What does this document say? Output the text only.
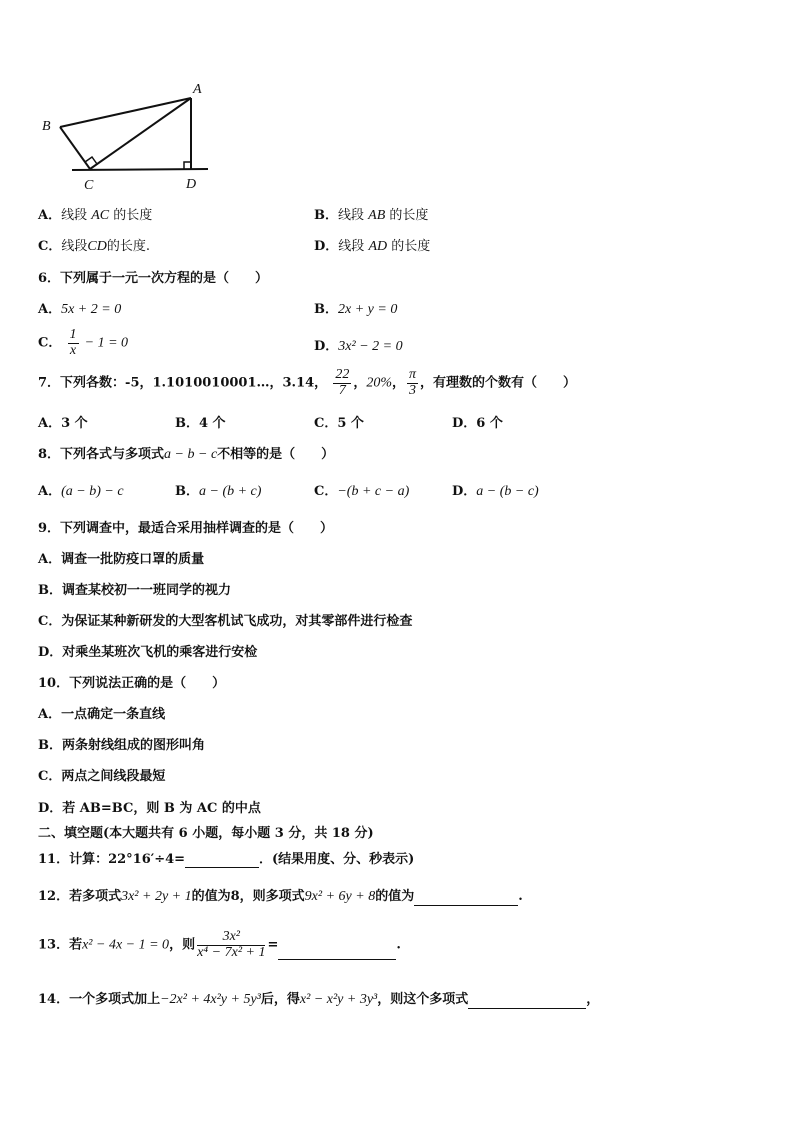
A
B
C	D
A．线段 AC 的长度	B．线段 AB 的长度
C．线段CD的长度.	D．线段 AD 的长度
6．下列属于一元一次方程的是（　　）
A．5x + 2 = 0	B．2x + y = 0
C． $\frac{1}{x} - 1 = 0$	D．3x² − 2 = 0
7．下列各数：-5，1.1010010001…，3.14， $\frac{22}{7}$ ，20%， $\frac{\pi}{3}$ ，有理数的个数有（　　）
A．3 个	B．4 个	C．5 个	D．6 个
8．下列各式与多项式a − b − c不相等的是（　　）
A．(a − b) − c	B．a − (b + c)	C．−(b + c − a)	D．a − (b − c)
9．下列调查中，最适合采用抽样调查的是（　　）
A．调查一批防疫口罩的质量
B．调查某校初一一班同学的视力
C．为保证某种新研发的大型客机试飞成功，对其零部件进行检查
D．对乘坐某班次飞机的乘客进行安检
10．下列说法正确的是（　　）
A．一点确定一条直线
B．两条射线组成的图形叫角
C．两点之间线段最短
D．若 AB=BC，则 B 为 AC 的中点
二、填空题(本大题共有 6 小题，每小题 3 分，共 18 分)
11．计算：22°16′÷4=	．(结果用度、分、秒表示)
12．若多项式3x² + 2y + 1的值为8，则多项式9x² + 6y + 8的值为	.
13．若x² − 4x − 1 = 0，则 $\frac{\text{3x²}}{\text{x⁴ − 7x² + 1}}$ =	.
14．一个多项式加上−2x² + 4x²y + 5y³后，得x² − x²y + 3y³，则这个多项式	，
